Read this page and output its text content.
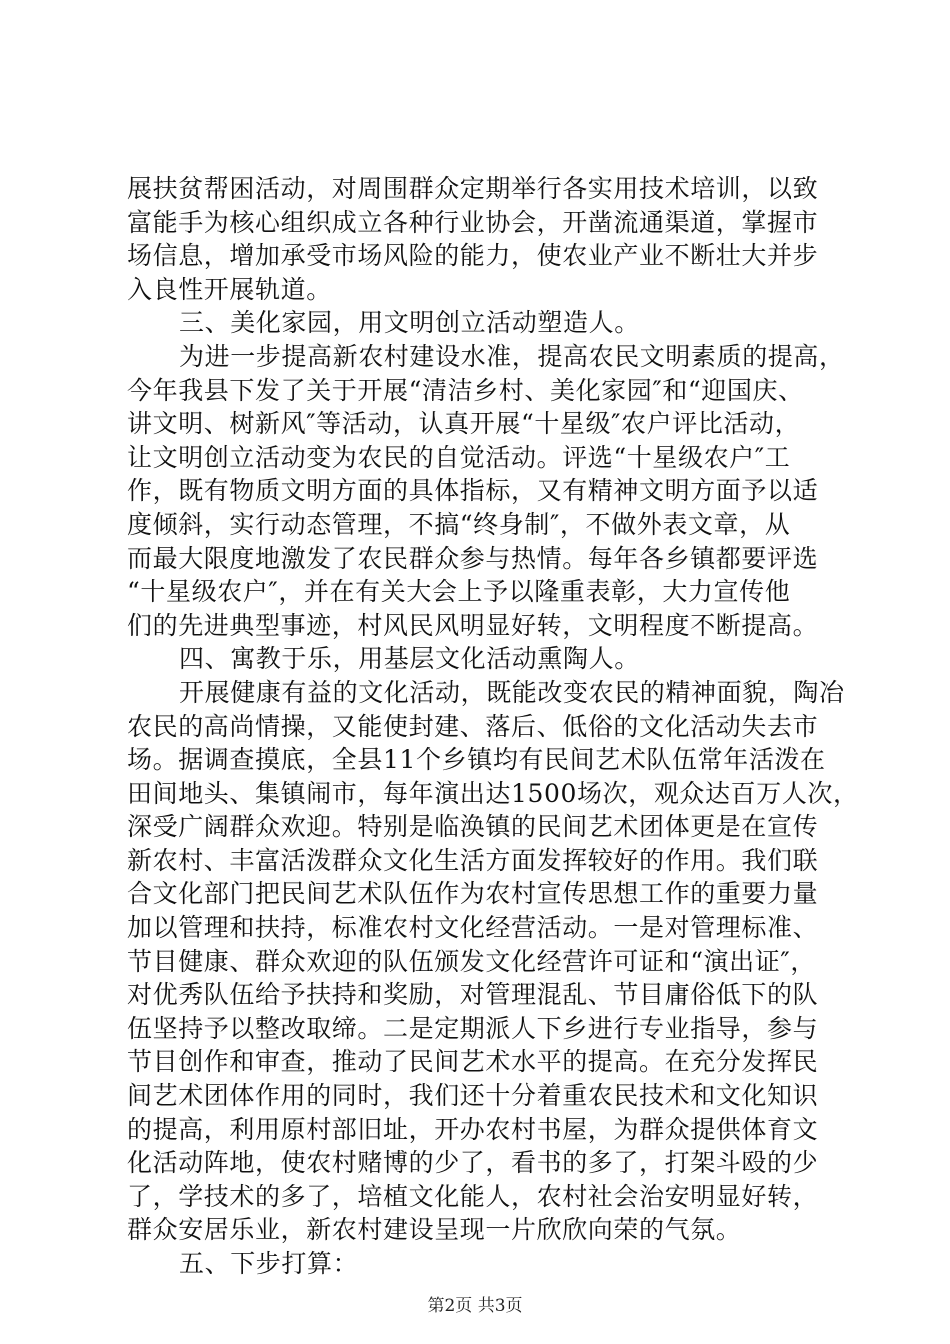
展扶贫帮困活动，对周围群众定期举行各实用技术培训，以致
富能手为核心组织成立各种行业协会，开凿流通渠道，掌握市
场信息，增加承受市场风险的能力，使农业产业不断壮大并步
入良性开展轨道。
三、美化家园，用文明创立活动塑造人。
为进一步提高新农村建设水准，提高农民文明素质的提高，
今年我县下发了关于开展“清洁乡村、美化家园″和“迎国庆、
讲文明、树新风″等活动，认真开展“十星级″农户评比活动，
让文明创立活动变为农民的自觉活动。评选“十星级农户″工
作，既有物质文明方面的具体指标，又有精神文明方面予以适
度倾斜，实行动态管理，不搞“终身制″，不做外表文章，从
而最大限度地激发了农民群众参与热情。每年各乡镇都要评选
“十星级农户″，并在有关大会上予以隆重表彰，大力宣传他
们的先进典型事迹，村风民风明显好转，文明程度不断提高。
四、寓教于乐，用基层文化活动熏陶人。
开展健康有益的文化活动，既能改变农民的精神面貌，陶冶
农民的高尚情操，又能使封建、落后、低俗的文化活动失去市
场。据调查摸底，全县11个乡镇均有民间艺术队伍常年活泼在
田间地头、集镇闹市，每年演出达1500场次，观众达百万人次，
深受广阔群众欢迎。特别是临涣镇的民间艺术团体更是在宣传
新农村、丰富活泼群众文化生活方面发挥较好的作用。我们联
合文化部门把民间艺术队伍作为农村宣传思想工作的重要力量
加以管理和扶持，标准农村文化经营活动。一是对管理标准、
节目健康、群众欢迎的队伍颁发文化经营许可证和“演出证″，
对优秀队伍给予扶持和奖励，对管理混乱、节目庸俗低下的队
伍坚持予以整改取缔。二是定期派人下乡进行专业指导，参与
节目创作和审查，推动了民间艺术水平的提高。在充分发挥民
间艺术团体作用的同时，我们还十分着重农民技术和文化知识
的提高，利用原村部旧址，开办农村书屋，为群众提供体育文
化活动阵地，使农村赌博的少了，看书的多了，打架斗殴的少
了，学技术的多了，培植文化能人，农村社会治安明显好转，
群众安居乐业，新农村建设呈现一片欣欣向荣的气氛。
五、下步打算：
第2页 共3页
